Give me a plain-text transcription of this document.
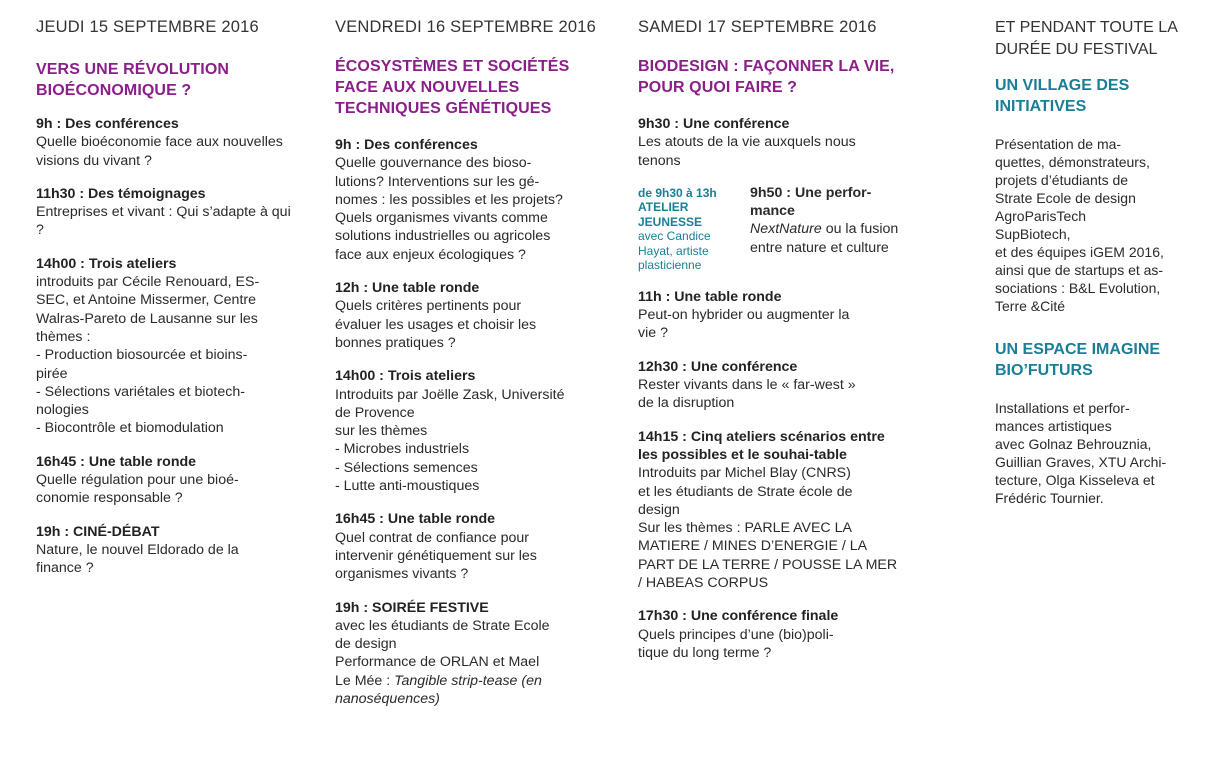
JEUDI 15 SEPTEMBRE 2016
VERS UNE RÉVOLUTION BIOÉCONOMIQUE ?
9h : Des conférences
Quelle bioéconomie face aux nouvelles visions du vivant ?
11h30 : Des témoignages
Entreprises et vivant : Qui s’adapte à qui ?
14h00 : Trois ateliers
introduits par Cécile Renouard, ES-
SEC, et Antoine Missermer, Centre
Walras-Pareto de Lausanne sur les
thèmes :
- Production biosourcée et bioins-
pirée
- Sélections variétales et biotech-
nologies
- Biocontrôle et biomodulation
16h45 : Une table ronde
Quelle régulation pour une bioé-
conomie responsable ?
19h : CINÉ-DÉBAT
Nature, le nouvel Eldorado de la
finance ?
VENDREDI 16 SEPTEMBRE 2016
ÉCOSYSTÈMES ET SOCIÉTÉS FACE AUX NOUVELLES TECHNIQUES GÉNÉTIQUES
9h : Des conférences
Quelle gouvernance des bioso-
lutions? Interventions sur les gé-
nomes : les possibles et les projets?
Quels organismes vivants comme
solutions industrielles ou agricoles
face aux enjeux écologiques ?
12h : Une table ronde
Quels critères pertinents pour
évaluer les usages et choisir les
bonnes pratiques ?
14h00 : Trois ateliers
Introduits par Joëlle Zask, Université
de Provence
sur les thèmes
- Microbes industriels
- Sélections semences
- Lutte anti-moustiques
16h45 : Une table ronde
Quel contrat de confiance pour
intervenir génétiquement sur les
organismes vivants ?
19h : SOIRÉE FESTIVE
avec les étudiants de Strate Ecole
de design
Performance de ORLAN et Mael
Le Mée : Tangible strip-tease (en
nanoséquences)
SAMEDI 17 SEPTEMBRE 2016
BIODESIGN : FAÇONNER LA VIE, POUR QUOI FAIRE ?
9h30 : Une conférence
Les atouts de la vie auxquels nous
tenons
de 9h30 à 13h
ATELIER
JEUNESSE
avec Candice
Hayat, artiste
plasticienne
9h50 : Une perfor-
mance
NextNature ou la fusion entre nature et culture
11h : Une table ronde
Peut-on hybrider ou augmenter la
vie ?
12h30 : Une conférence
Rester vivants dans le « far-west »
de la disruption
14h15 : Cinq ateliers scénarios entre les possibles et le souhai-table
Introduits par Michel Blay (CNRS)
et les étudiants de Strate école de
design
Sur les thèmes : PARLE AVEC LA
MATIERE / MINES D’ENERGIE / LA
PART DE LA TERRE / POUSSE LA MER
/ HABEAS CORPUS
17h30 : Une conférence finale
Quels principes d’une (bio)poli-
tique du long terme ?
ET PENDANT TOUTE LA
DURÉE DU FESTIVAL
UN VILLAGE DES
INITIATIVES
Présentation de ma-
quettes, démonstrateurs,
projets d’étudiants de
Strate Ecole de design
AgroParisTech
SupBiotech,
et des équipes iGEM 2016,
ainsi que de startups et as-
sociations : B&L Evolution,
Terre &Cité
UN ESPACE IMAGINE
BIO’FUTURS
Installations et perfor-
mances artistiques
avec Golnaz Behrouznia,
Guillian Graves, XTU Archi-
tecture, Olga Kisseleva et
Frédéric Tournier.
